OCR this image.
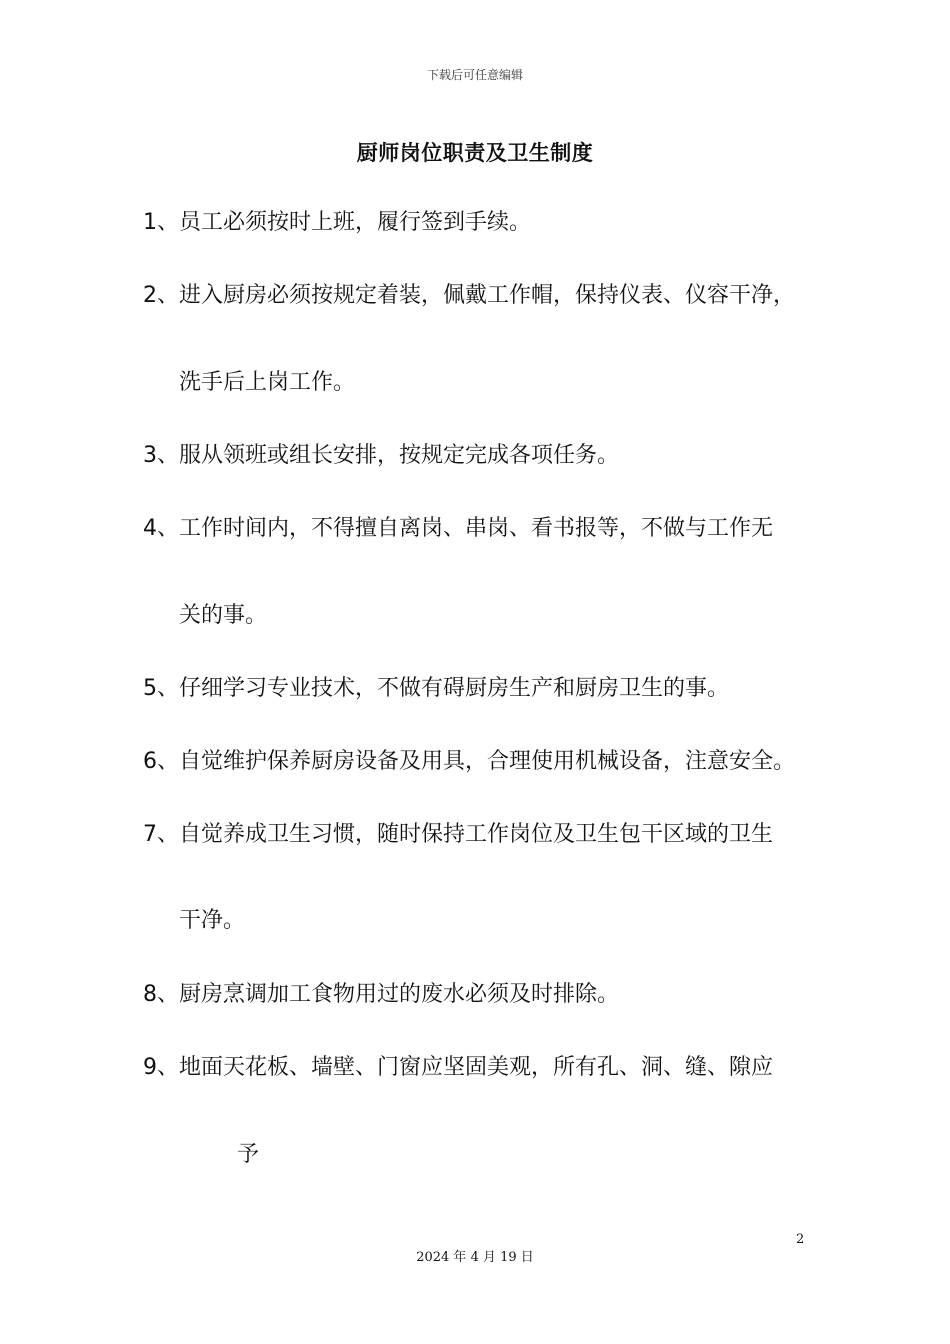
下载后可任意编辑
厨师岗位职责及卫生制度
1、员工必须按时上班，履行签到手续。
2、进入厨房必须按规定着装，佩戴工作帽，保持仪表、仪容干净，
洗手后上岗工作。
3、服从领班或组长安排，按规定完成各项任务。
4、工作时间内，不得擅自离岗、串岗、看书报等，不做与工作无
关的事。
5、仔细学习专业技术，不做有碍厨房生产和厨房卫生的事。
6、自觉维护保养厨房设备及用具，合理使用机械设备，注意安全。
7、自觉养成卫生习惯，随时保持工作岗位及卫生包干区域的卫生
干净。
8、厨房烹调加工食物用过的废水必须及时排除。
9、地面天花板、墙壁、门窗应坚固美观，所有孔、洞、缝、隙应
予
2
2024 年 4 月 19 日
